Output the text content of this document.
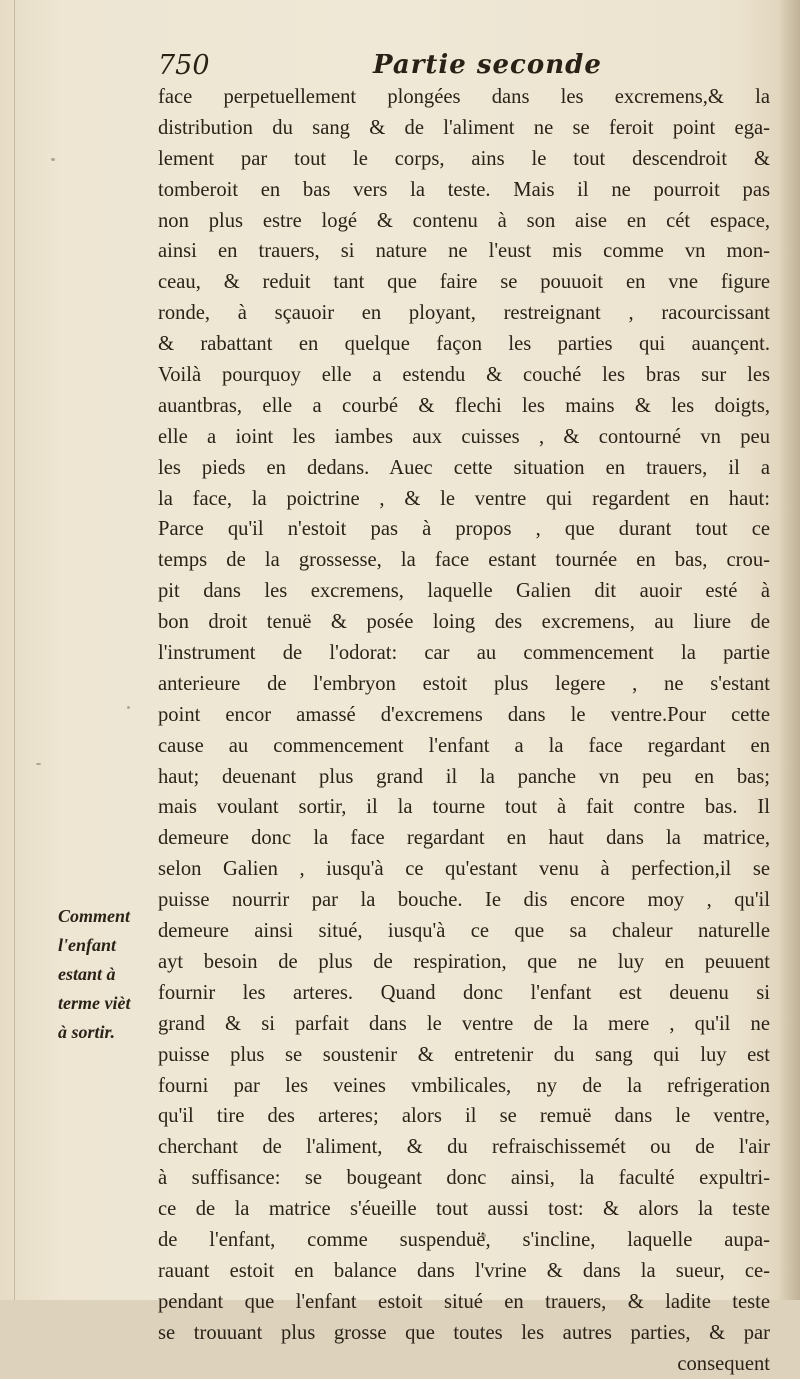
750	Partie seconde
face perpetuellement plongées dans les excremens,& la
distribution du sang & de l'aliment ne se feroit point ega-
lement par tout le corps, ains le tout descendroit &
tomberoit en bas vers la teste. Mais il ne pourroit pas
non plus estre logé & contenu à son aise en cét espace,
ainsi en trauers, si nature ne l'eust mis comme vn mon-
ceau, & reduit tant que faire se pouuoit en vne figure
ronde, à sçauoir en ployant, restreignant , racourcissant
& rabattant en quelque façon les parties qui auançent.
Voilà pourquoy elle a estendu & couché les bras sur les
auantbras, elle a courbé & flechi les mains & les doigts,
elle a ioint les iambes aux cuisses , & contourné vn peu
les pieds en dedans. Auec cette situation en trauers, il a
la face, la poictrine , & le ventre qui regardent en haut:
Parce qu'il n'estoit pas à propos , que durant tout ce
temps de la grossesse, la face estant tournée en bas, crou-
pit dans les excremens, laquelle Galien dit auoir esté à
bon droit tenuë & posée loing des excremens, au liure de
l'instrument de l'odorat: car au commencement la partie
anterieure de l'embryon estoit plus legere , ne s'estant
point encor amassé d'excremens dans le ventre.Pour cette
cause au commencement l'enfant a la face regardant en
haut; deuenant plus grand il la panche vn peu en bas;
mais voulant sortir, il la tourne tout à fait contre bas. Il
demeure donc la face regardant en haut dans la matrice,
selon Galien , iusqu'à ce qu'estant venu à perfection,il se
puisse nourrir par la bouche. Ie dis encore moy , qu'il
demeure ainsi situé, iusqu'à ce que sa chaleur naturelle
ayt besoin de plus de respiration, que ne luy en peuuent
fournir les arteres. Quand donc l'enfant est deuenu si
grand & si parfait dans le ventre de la mere , qu'il ne
puisse plus se soustenir & entretenir du sang qui luy est
fourni par les veines vmbilicales, ny de la refrigeration
qu'il tire des arteres; alors il se remuë dans le ventre,
cherchant de l'aliment, & du refraischissemét ou de l'air
à suffisance: se bougeant donc ainsi, la faculté expultri-
ce de la matrice s'éueille tout aussi tost: & alors la teste
de l'enfant, comme suspenduë, s'incline, laquelle aupa-
rauant estoit en balance dans l'vrine & dans la sueur, ce-
pendant que l'enfant estoit situé en trauers, & ladite teste
se trouuant plus grosse que toutes les autres parties, & par
consequent
Comment
l'enfant
estant à
terme vièt
à sortir.
